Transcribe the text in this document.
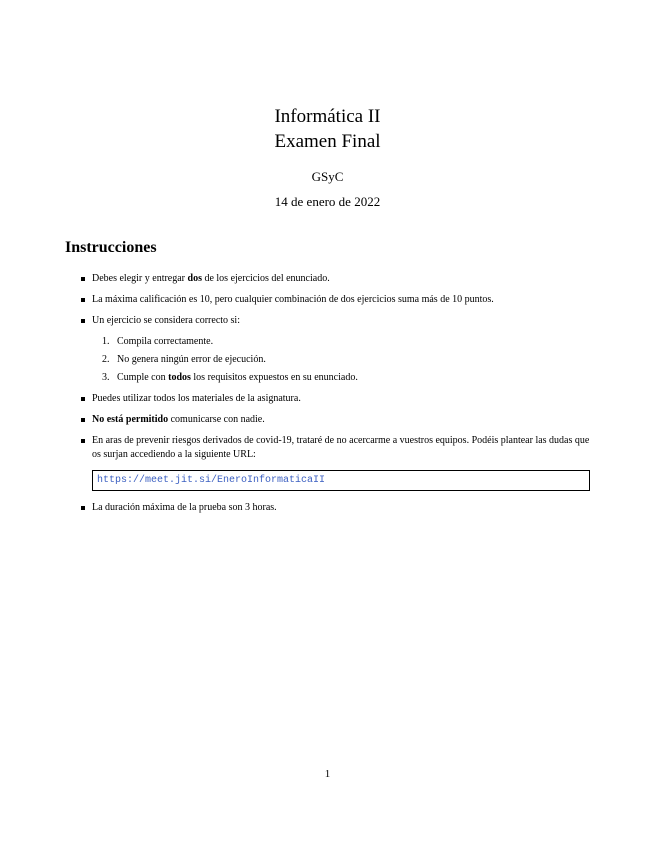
Informática II
Examen Final
GSyC
14 de enero de 2022
Instrucciones
Debes elegir y entregar dos de los ejercicios del enunciado.
La máxima calificación es 10, pero cualquier combinación de dos ejercicios suma más de 10 puntos.
Un ejercicio se considera correcto si:
1. Compila correctamente.
2. No genera ningún error de ejecución.
3. Cumple con todos los requisitos expuestos en su enunciado.
Puedes utilizar todos los materiales de la asignatura.
No está permitido comunicarse con nadie.
En aras de prevenir riesgos derivados de covid-19, trataré de no acercarme a vuestros equipos. Podéis plantear las dudas que os surjan accediendo a la siguiente URL:
https://meet.jit.si/EneroInformaticaII
La duración máxima de la prueba son 3 horas.
1
